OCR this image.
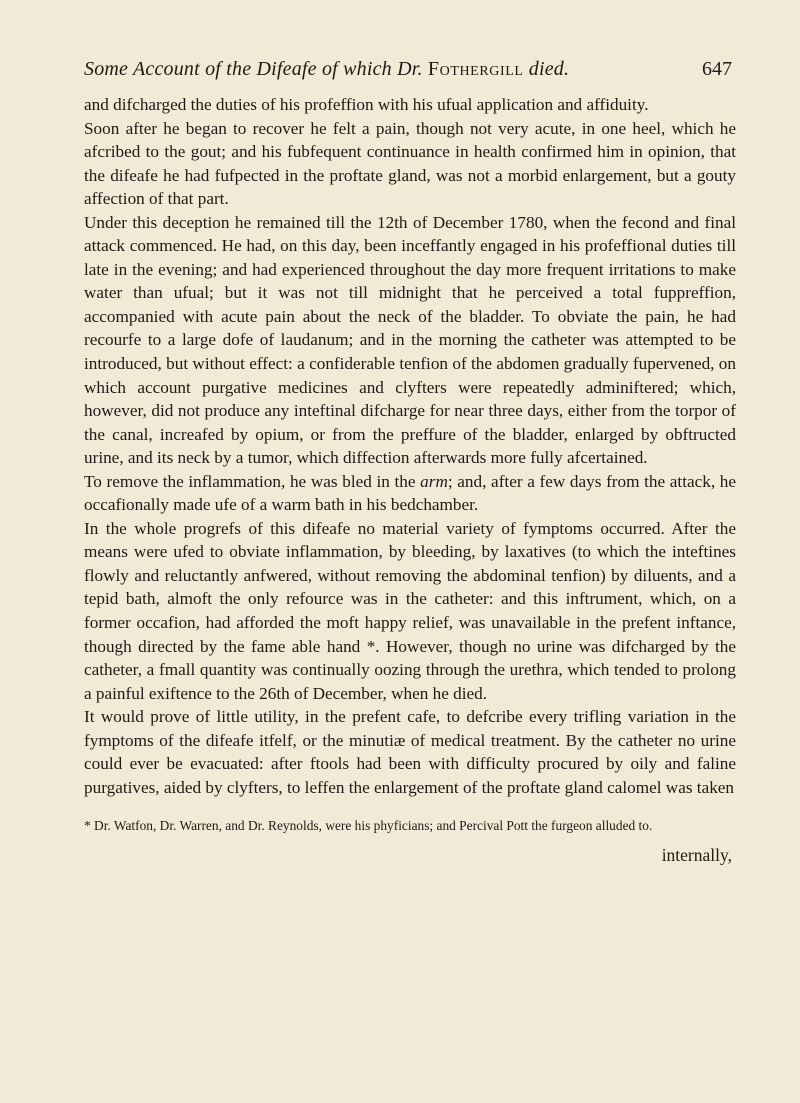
Some Account of the Difeafe of which Dr. Fothergill died.	647

and difcharged the duties of his profeffion with his ufual application and affiduity.

Soon after he began to recover he felt a pain, though not very acute, in one heel, which he afcribed to the gout; and his fubfequent continuance in health confirmed him in opinion, that the difeafe he had fufpected in the proftate gland, was not a morbid enlargement, but a gouty affection of that part.

Under this deception he remained till the 12th of December 1780, when the fecond and final attack commenced. He had, on this day, been inceffantly engaged in his profeffional duties till late in the evening; and had experienced throughout the day more frequent irritations to make water than ufual; but it was not till midnight that he perceived a total fuppreffion, accompanied with acute pain about the neck of the bladder. To obviate the pain, he had recourfe to a large dofe of laudanum; and in the morning the catheter was attempted to be introduced, but without effect: a confiderable tenfion of the abdomen gradually fupervened, on which account purgative medicines and clyfters were repeatedly adminiftered; which, however, did not produce any inteftinal difcharge for near three days, either from the torpor of the canal, increafed by opium, or from the preffure of the bladder, enlarged by obftructed urine, and its neck by a tumor, which diffection afterwards more fully afcertained.

To remove the inflammation, he was bled in the arm; and, after a few days from the attack, he occafionally made ufe of a warm bath in his bedchamber.

In the whole progrefs of this difeafe no material variety of fymptoms occurred. After the means were ufed to obviate inflammation, by bleeding, by laxatives (to which the inteftines flowly and reluctantly anfwered, without removing the abdominal tenfion) by diluents, and a tepid bath, almoft the only refource was in the catheter: and this inftrument, which, on a former occafion, had afforded the moft happy relief, was unavailable in the prefent inftance, though directed by the fame able hand *. However, though no urine was difcharged by the catheter, a fmall quantity was continually oozing through the urethra, which tended to prolong a painful exiftence to the 26th of December, when he died.

It would prove of little utility, in the prefent cafe, to defcribe every trifling variation in the fymptoms of the difeafe itfelf, or the minutiæ of medical treatment. By the catheter no urine could ever be evacuated: after ftools had been with difficulty procured by oily and faline purgatives, aided by clyfters, to leffen the enlargement of the proftate gland calomel was taken

* Dr. Watfon, Dr. Warren, and Dr. Reynolds, were his phyficians; and Percival Pott the furgeon alluded to.
internally,
